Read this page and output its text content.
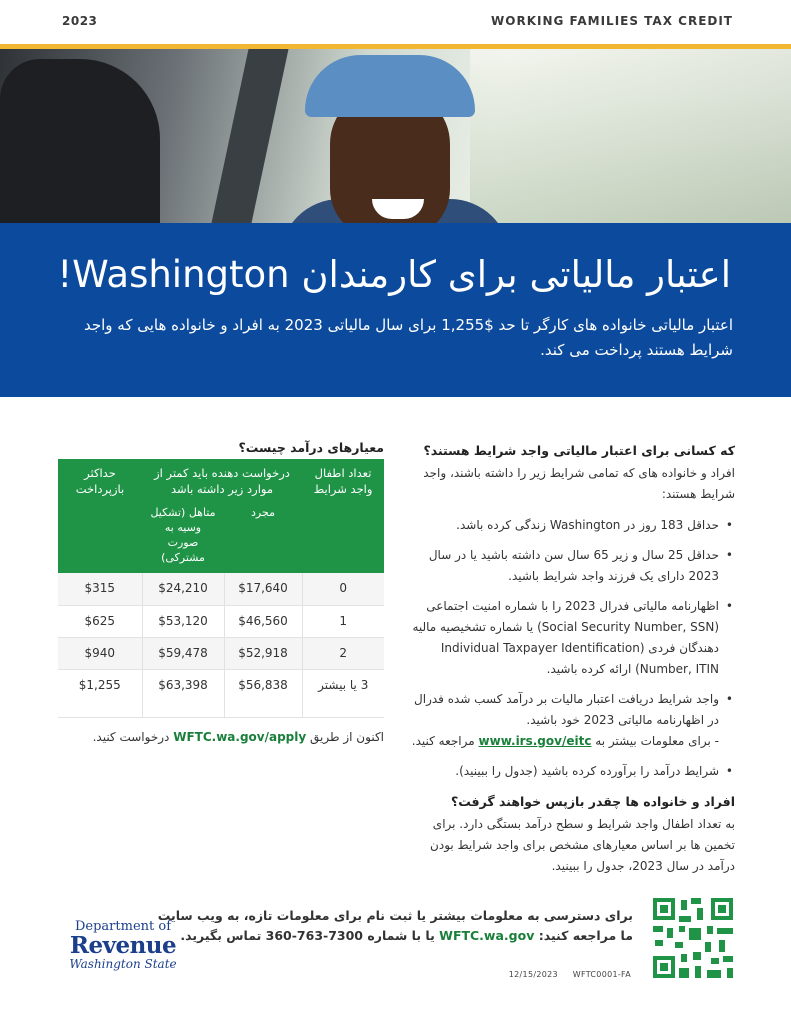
2023	WORKING FAMILIES TAX CREDIT
اعتبار مالیاتی برای کارمندان Washington!

اعتبار مالیاتی خانواده های کارگر تا حد $1,255 برای سال مالیاتی 2023 به افراد و خانواده هایی که واجد شرایط هستند پرداخت می کند.

که کسانی برای اعتبار مالیاتی واجد شرایط هستند؟
افراد و خانواده های که تمامی شرایط زیر را داشته باشند، واجد شرایط هستند:
• حداقل 183 روز در Washington زندگی کرده باشد.
• حداقل 25 سال و زیر 65 سال سن داشته باشید یا در سال 2023 دارای یک فرزند واجد شرایط باشید.
• اظهارنامه مالیاتی فدرال 2023 را با شماره امنیت اجتماعی (Social Security Number, SSN) یا شماره تشخیصیه مالیه دهندگان فردی (Individual Taxpayer Identification Number, ITIN) ارائه کرده باشید.
• واجد شرایط دریافت اعتبار مالیات بر درآمد کسب شده فدرال در اظهارنامه مالیاتی 2023 خود باشید.
- برای معلومات بیشتر به www.irs.gov/eitc مراجعه کنید.
• شرایط درآمد را برآورده کرده باشید (جدول را ببینید).
افراد و خانواده ها چقدر بازپس خواهند گرفت؟
به تعداد اطفال واجد شرایط و سطح درآمد بستگی دارد. برای تخمین ها بر اساس معیارهای مشخص برای واجد شرایط بودن درآمد در سال 2023، جدول را ببینید.
معیارهای درآمد چیست؟
تعداد اطفال واجد شرایط	درخواست دهنده باید کمتر از موارد زیر داشته باشد		حداکثر بازپرداخت
	مجرد	متاهل (تشکیل وسیه به صورت مشترکی)	
0	$17,640	$24,210	$315
1	$46,560	$53,120	$625
2	$52,918	$59,478	$940
3 یا بیشتر	$56,838	$63,398	$1,255
اکنون از طریق WFTC.wa.gov/apply درخواست کنید.
Department of
Revenue
Washington State
برای دسترسی به معلومات بیشتر یا ثبت نام برای معلومات تازه، به ویب سایت
ما مراجعه کنید: WFTC.wa.gov یا با شماره 7300-763-360 تماس بگیرید.
12/15/2023 WFTC0001-FA
